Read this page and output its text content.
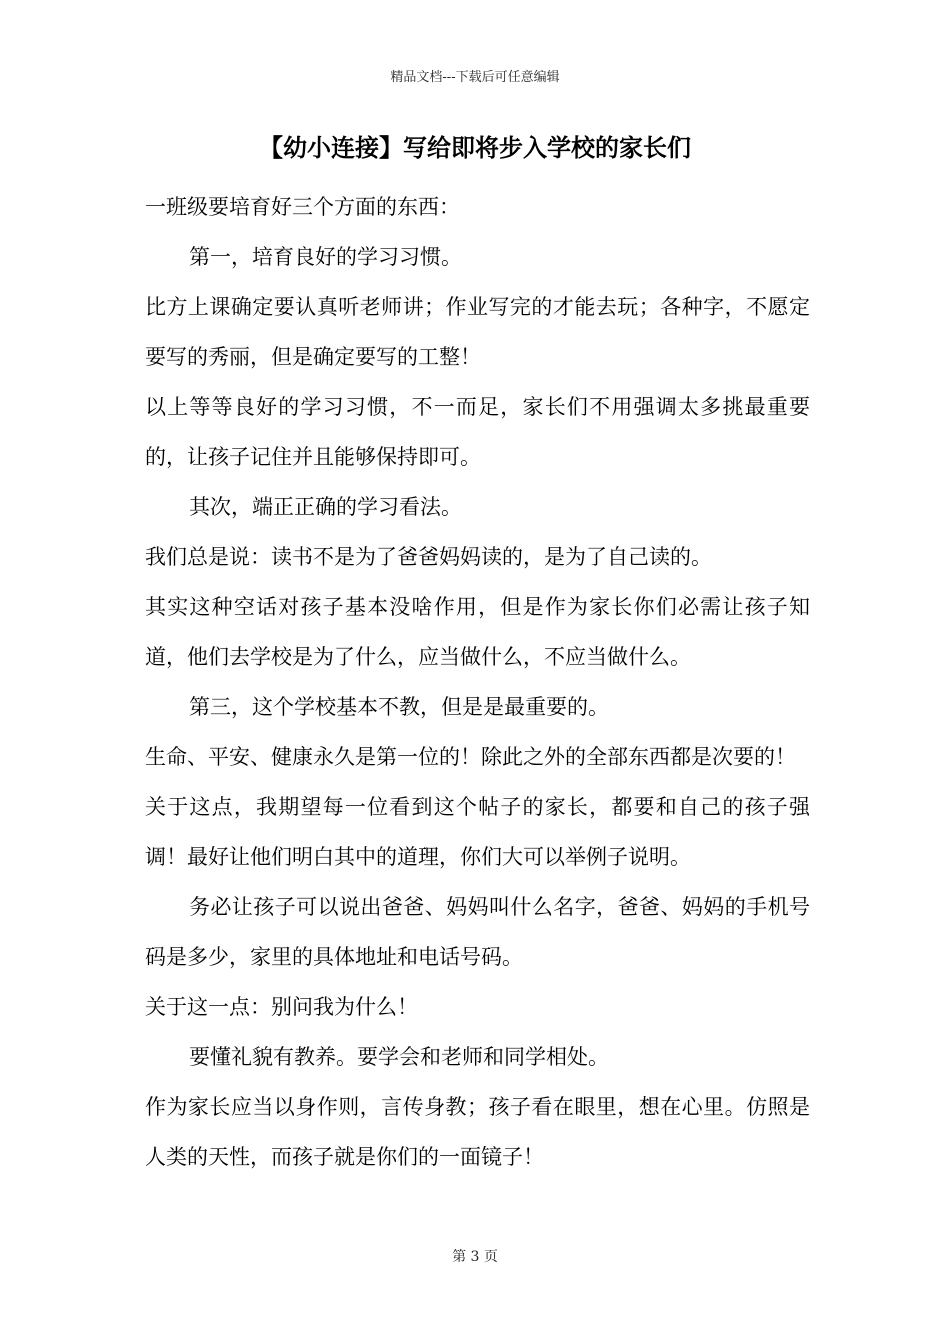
精品文档---下载后可任意编辑
【幼小连接】写给即将步入学校的家长们

一班级要培育好三个方面的东西：

第一，培育良好的学习习惯。

比方上课确定要认真听老师讲；作业写完的才能去玩；各种字，不愿定要写的秀丽，但是确定要写的工整！

以上等等良好的学习习惯，不一而足，家长们不用强调太多挑最重要的，让孩子记住并且能够保持即可。

其次，端正正确的学习看法。

我们总是说：读书不是为了爸爸妈妈读的，是为了自己读的。

其实这种空话对孩子基本没啥作用，但是作为家长你们必需让孩子知道，他们去学校是为了什么，应当做什么，不应当做什么。

第三，这个学校基本不教，但是是最重要的。

生命、平安、健康永久是第一位的！除此之外的全部东西都是次要的！

关于这点，我期望每一位看到这个帖子的家长，都要和自己的孩子强调！最好让他们明白其中的道理，你们大可以举例子说明。

务必让孩子可以说出爸爸、妈妈叫什么名字，爸爸、妈妈的手机号码是多少，家里的具体地址和电话号码。

关于这一点：别问我为什么！

要懂礼貌有教养。要学会和老师和同学相处。

作为家长应当以身作则，言传身教；孩子看在眼里，想在心里。仿照是人类的天性，而孩子就是你们的一面镜子！

第 3 页
